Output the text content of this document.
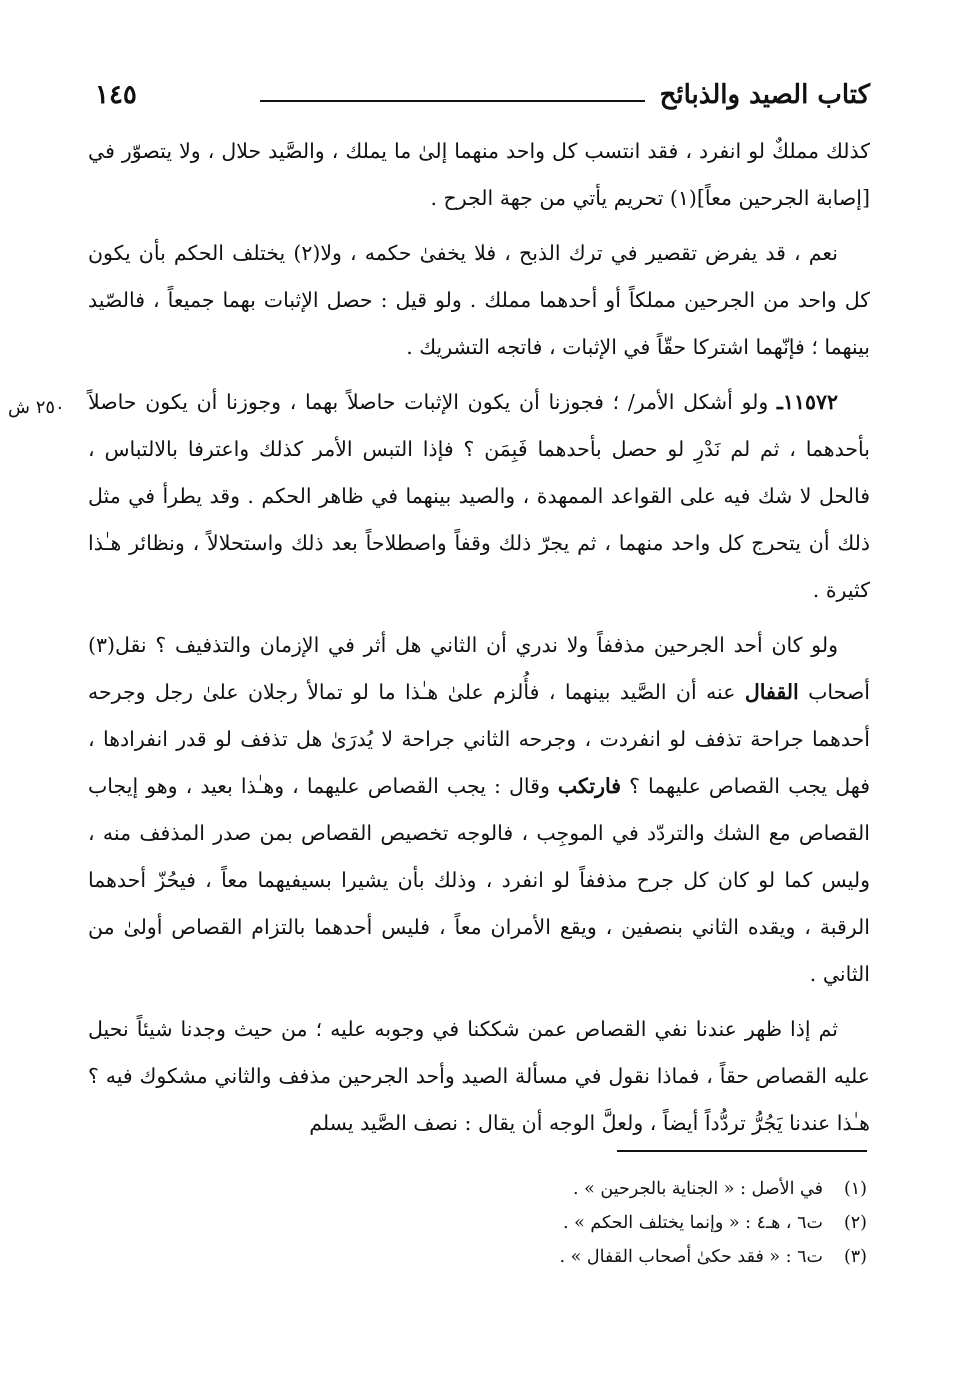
كتاب الصيد والذبائح
١٤٥
٢٥٠ ش

كذلك مملكٌ لو انفرد ، فقد انتسب كل واحد منهما إلىٰ ما يملك ، والصَّيد حلال ، ولا يتصوّر في [إصابة الجرحين معاً](١) تحريم يأتي من جهة الجرح .

نعم ، قد يفرض تقصير في ترك الذبح ، فلا يخفىٰ حكمه ، ولا(٢) يختلف الحكم بأن يكون كل واحد من الجرحين مملكاً أو أحدهما مملك . ولو قيل : حصل الإثبات بهما جميعاً ، فالصّيد بينهما ؛ فإنّهما اشتركا حقّاً في الإثبات ، فاتجه التشريك .

١١٥٧٢ـ ولو أشكل الأمر/ ؛ فجوزنا أن يكون الإثبات حاصلاً بهما ، وجوزنا أن يكون حاصلاً بأحدهما ، ثم لم نَدْرِ لو حصل بأحدهما فَبِمَن ؟ فإذا التبس الأمر كذلك واعترفا بالالتباس ، فالحل لا شك فيه على القواعد الممهدة ، والصيد بينهما في ظاهر الحكم . وقد يطرأ في مثل ذلك أن يتحرج كل واحد منهما ، ثم يجرّ ذلك وقفاً واصطلاحاً بعد ذلك واستحلالاً ، ونظائر هـٰذا كثيرة .

ولو كان أحد الجرحين مذففاً ولا ندري أن الثاني هل أثر في الإزمان والتذفيف ؟ نقل(٣) أصحاب القفال عنه أن الصَّيد بينهما ، فأُلزم علىٰ هـٰذا ما لو تمالأ رجلان علىٰ رجل وجرحه أحدهما جراحة تذفف لو انفردت ، وجرحه الثاني جراحة لا يُدرَىٰ هل تذفف لو قدر انفرادها ، فهل يجب القصاص عليهما ؟ فارتكب وقال : يجب القصاص عليهما ، وهـٰذا بعيد ، وهو إيجاب القصاص مع الشك والتردّد في الموجِب ، فالوجه تخصيص القصاص بمن صدر المذفف منه ، وليس كما لو كان كل جرح مذففاً لو انفرد ، وذلك بأن يشيرا بسيفيهما معاً ، فيحُزّ أحدهما الرقبة ، ويقده الثاني بنصفين ، ويقع الأمران معاً ، فليس أحدهما بالتزام القصاص أولىٰ من الثاني .

ثم إذا ظهر عندنا نفي القصاص عمن شككنا في وجوبه عليه ؛ من حيث وجدنا شيئاً نحيل عليه القصاص حقاً ، فماذا نقول في مسألة الصيد وأحد الجرحين مذفف والثاني مشكوك فيه ؟ هـٰذا عندنا يَجُرُّ تردُّداً أيضاً ، ولعلَّ الوجه أن يقال : نصف الصَّيد يسلم

(١)في الأصل : « الجناية بالجرحين » .
(٢)ت٦ ، هـ٤ : « وإنما يختلف الحكم » .
(٣)ت٦ : « فقد حكىٰ أصحاب القفال » .
